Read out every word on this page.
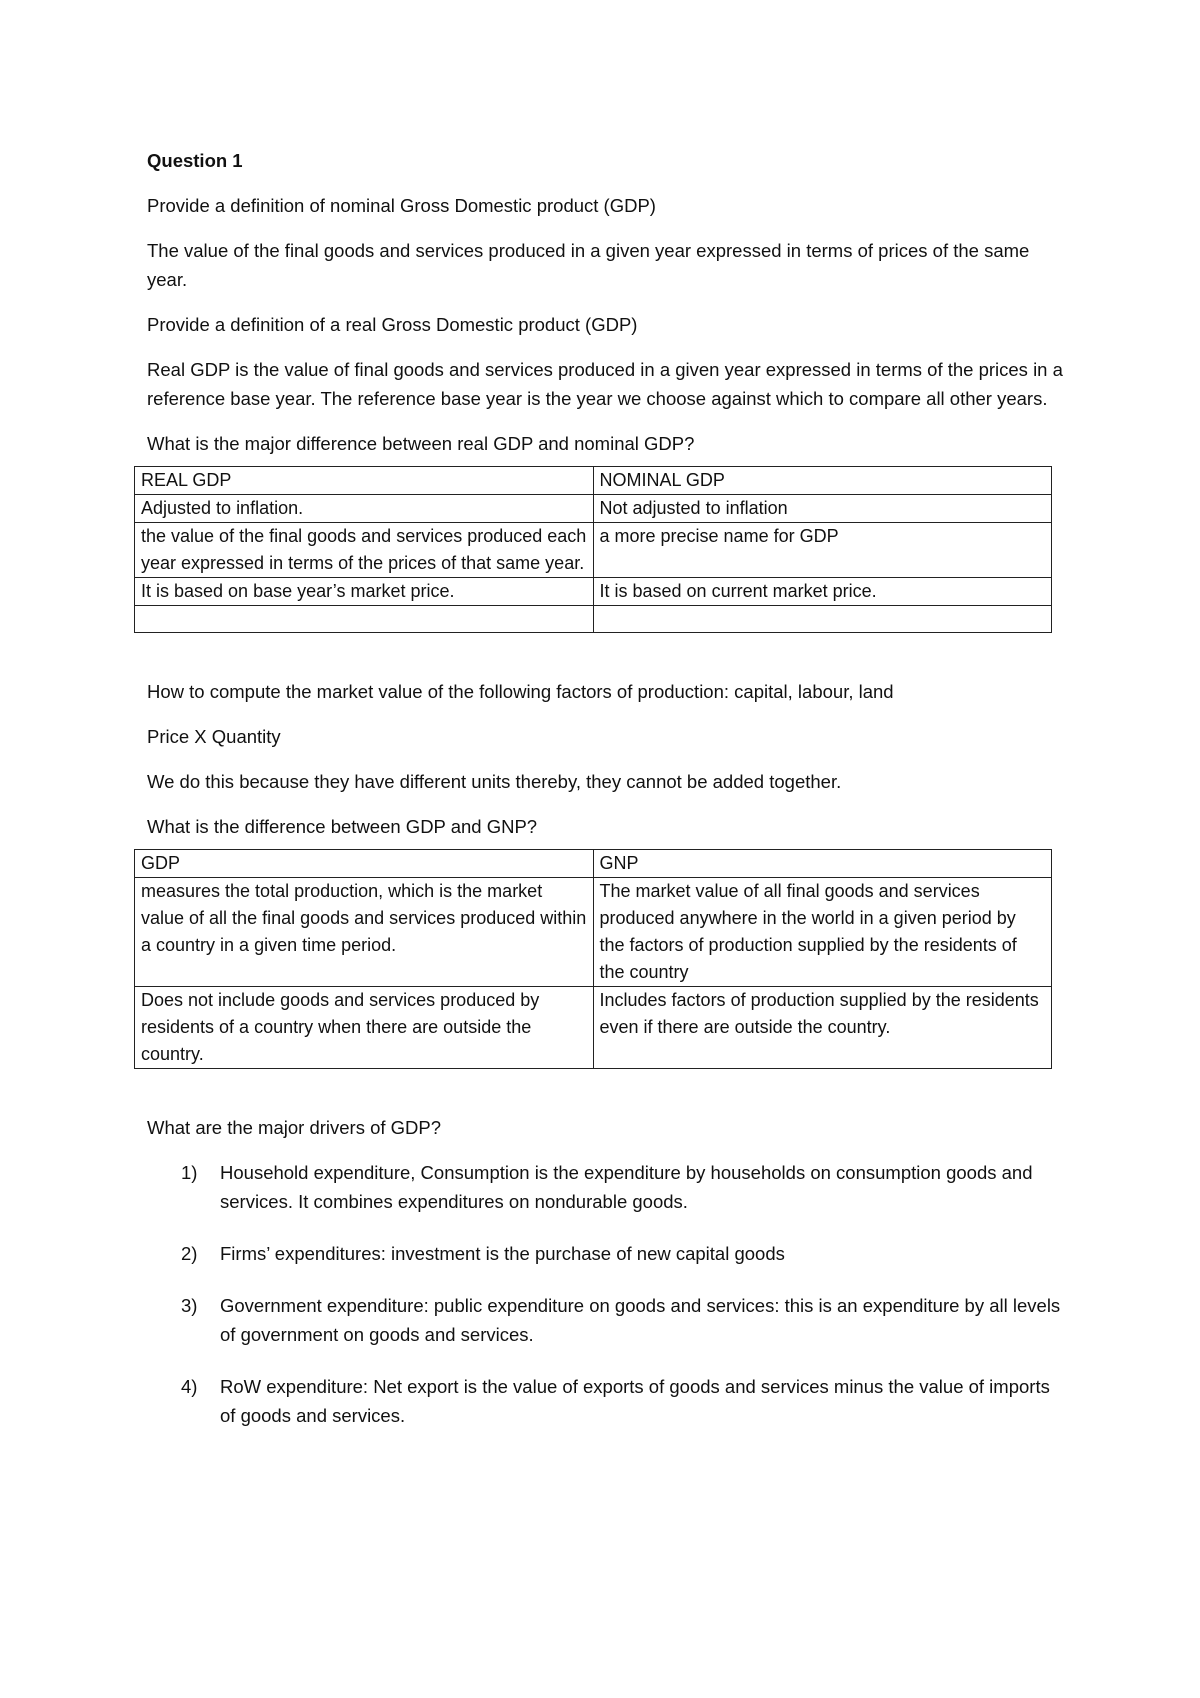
Question 1

Provide a definition of nominal Gross Domestic product (GDP)

The value of the final goods and services produced in a given year expressed in terms of prices of the same year.

Provide a definition of a real Gross Domestic product (GDP)

Real GDP is the value of final goods and services produced in a given year expressed in terms of the prices in a reference base year. The reference base year is the year we choose against which to compare all other years.

What is the major difference between real GDP and nominal GDP?

REAL GDP	NOMINAL GDP
Adjusted to inflation.	Not adjusted to inflation
the value of the final goods and services produced each year expressed in terms of the prices of that same year.	a more precise name for GDP
It is based on base year’s market price.	It is based on current market price.

How to compute the market value of the following factors of production: capital, labour, land

Price X Quantity

We do this because they have different units thereby, they cannot be added together.

What is the difference between GDP and GNP?

GDP	GNP
measures the total production, which is the market value of all the final goods and services produced within a country in a given time period.	The market value of all final goods and services produced anywhere in the world in a given period by the factors of production supplied by the residents of the country
Does not include goods and services produced by residents of a country when there are outside the country.	Includes factors of production supplied by the residents even if there are outside the country.

What are the major drivers of GDP?

1) Household expenditure, Consumption is the expenditure by households on consumption goods and services. It combines expenditures on nondurable goods.
2) Firms’ expenditures: investment is the purchase of new capital goods
3) Government expenditure: public expenditure on goods and services: this is an expenditure by all levels of government on goods and services.
4) RoW expenditure: Net export is the value of exports of goods and services minus the value of imports of goods and services.
